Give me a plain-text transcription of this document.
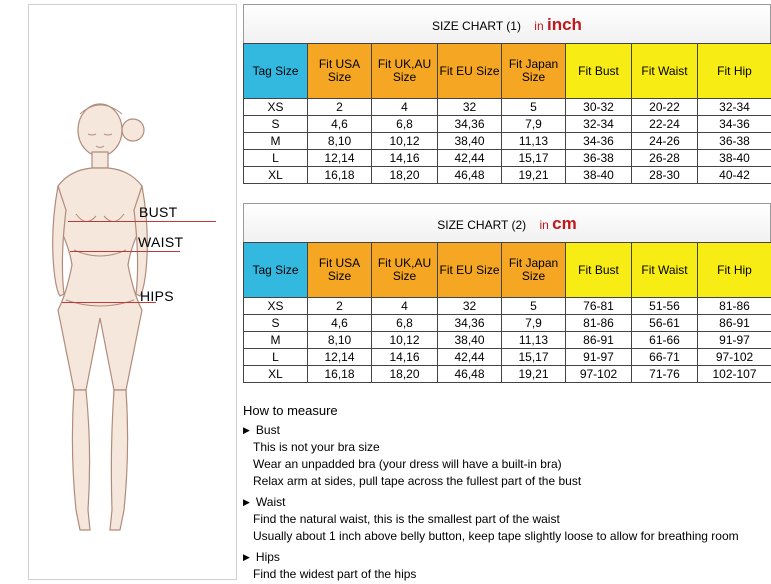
BUST
WAIST
HIPS
SIZE CHART (1) in inch
Tag Size	Fit USA Size	Fit UK,AU Size	Fit EU Size	Fit Japan Size	Fit Bust	Fit Waist	Fit Hip
XS	2	4	32	5	30-32	20-22	32-34
S	4,6	6,8	34,36	7,9	32-34	22-24	34-36
M	8,10	10,12	38,40	11,13	34-36	24-26	36-38
L	12,14	14,16	42,44	15,17	36-38	26-28	38-40
XL	16,18	18,20	46,48	19,21	38-40	28-30	40-42
SIZE CHART (2) in cm
Tag Size	Fit USA Size	Fit UK,AU Size	Fit EU Size	Fit Japan Size	Fit Bust	Fit Waist	Fit Hip
XS	2	4	32	5	76-81	51-56	81-86
S	4,6	6,8	34,36	7,9	81-86	56-61	86-91
M	8,10	10,12	38,40	11,13	86-91	61-66	91-97
L	12,14	14,16	42,44	15,17	91-97	66-71	97-102
XL	16,18	18,20	46,48	19,21	97-102	71-76	102-107
How to measure
▶ Bust
This is not your bra size
Wear an unpadded bra (your dress will have a built-in bra)
Relax arm at sides, pull tape across the fullest part of the bust
▶ Waist
Find the natural waist, this is the smallest part of the waist
Usually about 1 inch above belly button, keep tape slightly loose to allow for breathing room
▶ Hips
Find the widest part of the hips
